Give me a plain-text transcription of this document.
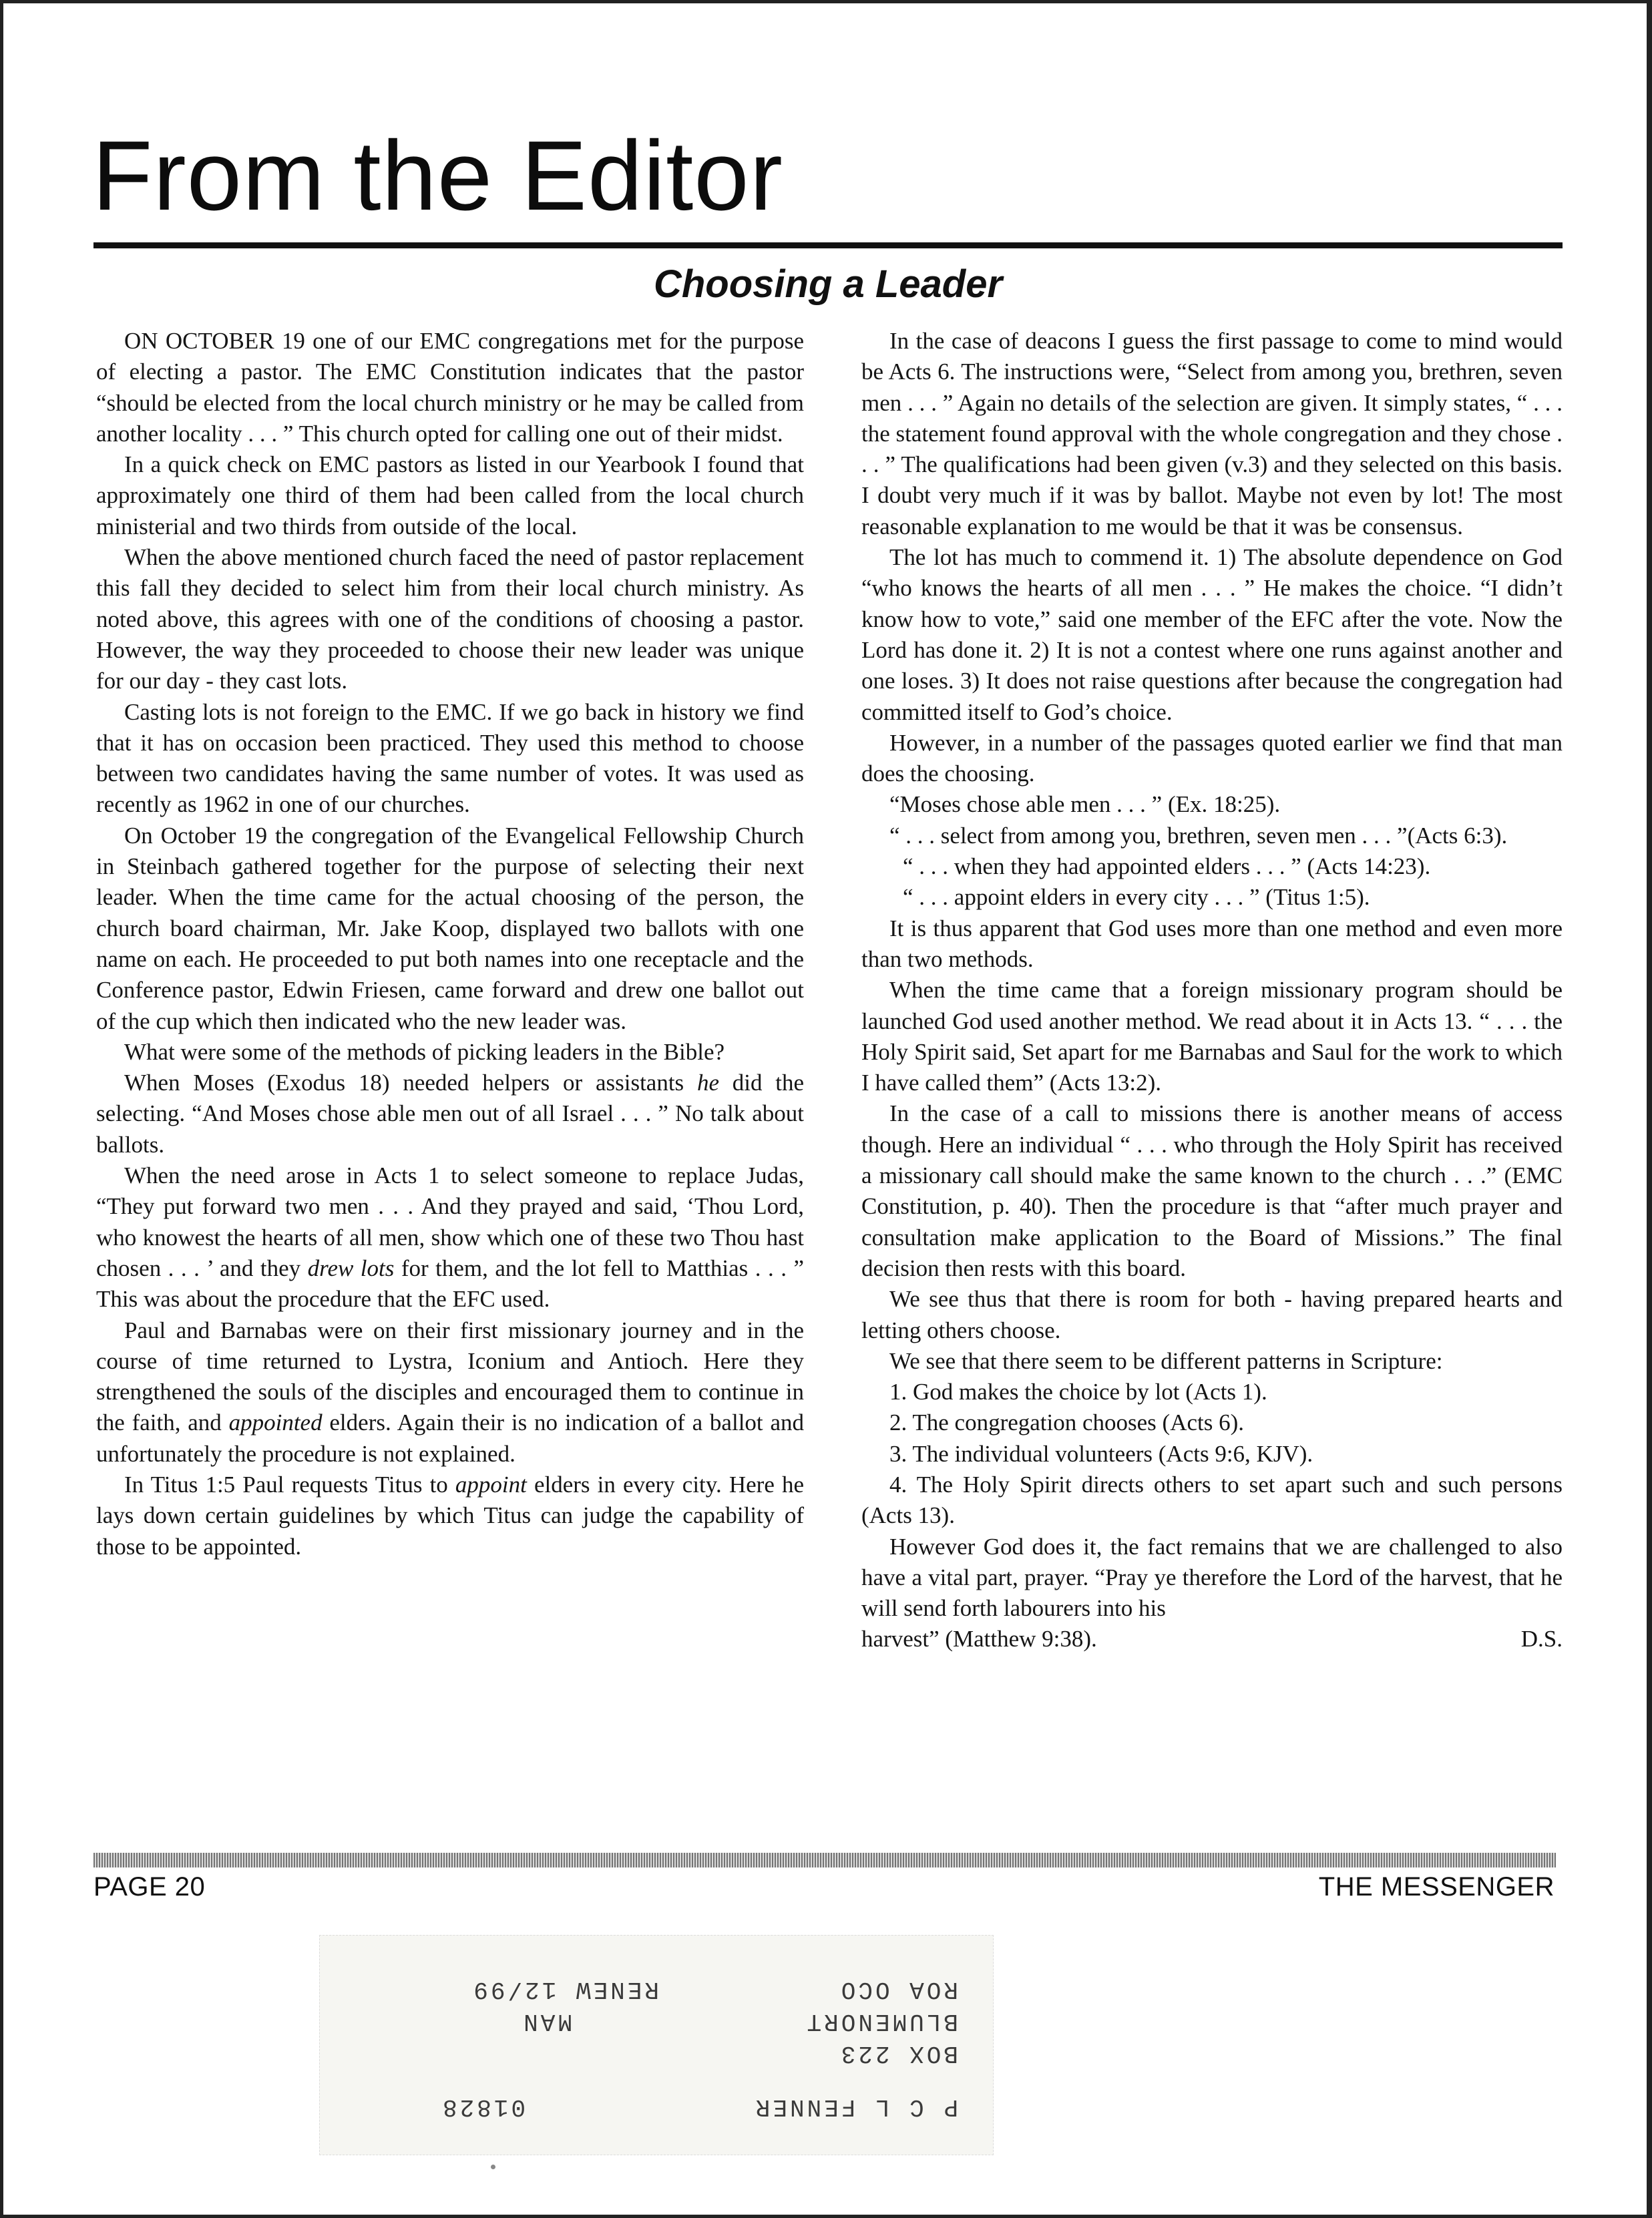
From the Editor
Choosing a Leader

ON OCTOBER 19 one of our EMC congregations met for the purpose of electing a pastor. The EMC Constitution indicates that the pastor “should be elected from the local church ministry or he may be called from another locality . . . ” This church opted for calling one out of their midst.

In a quick check on EMC pastors as listed in our Yearbook I found that approximately one third of them had been called from the local church ministerial and two thirds from outside of the local.

When the above mentioned church faced the need of pastor replacement this fall they decided to select him from their local church ministry. As noted above, this agrees with one of the conditions of choosing a pastor. However, the way they proceeded to choose their new leader was unique for our day - they cast lots.

Casting lots is not foreign to the EMC. If we go back in history we find that it has on occasion been practiced. They used this method to choose between two candidates having the same number of votes. It was used as recently as 1962 in one of our churches.

On October 19 the congregation of the Evangelical Fellowship Church in Steinbach gathered together for the purpose of selecting their next leader. When the time came for the actual choosing of the person, the church board chairman, Mr. Jake Koop, displayed two ballots with one name on each. He proceeded to put both names into one receptacle and the Conference pastor, Edwin Friesen, came forward and drew one ballot out of the cup which then indicated who the new leader was.

What were some of the methods of picking leaders in the Bible?

When Moses (Exodus 18) needed helpers or assistants he did the selecting. “And Moses chose able men out of all Israel . . . ” No talk about ballots.

When the need arose in Acts 1 to select someone to replace Judas, “They put forward two men . . . And they prayed and said, ‘Thou Lord, who knowest the hearts of all men, show which one of these two Thou hast chosen . . . ’ and they drew lots for them, and the lot fell to Matthias . . . ” This was about the procedure that the EFC used.

Paul and Barnabas were on their first missionary journey and in the course of time returned to Lystra, Iconium and Antioch. Here they strengthened the souls of the disciples and encouraged them to continue in the faith, and appointed elders. Again their is no indication of a ballot and unfortunately the procedure is not explained.

In Titus 1:5 Paul requests Titus to appoint elders in every city. Here he lays down certain guidelines by which Titus can judge the capability of those to be appointed.

In the case of deacons I guess the first passage to come to mind would be Acts 6. The instructions were, “Select from among you, brethren, seven men . . . ” Again no details of the selection are given. It simply states, “ . . . the statement found approval with the whole congregation and they chose . . . ” The qualifications had been given (v.3) and they selected on this basis. I doubt very much if it was by ballot. Maybe not even by lot! The most reasonable explanation to me would be that it was be consensus.

The lot has much to commend it. 1) The absolute dependence on God “who knows the hearts of all men . . . ” He makes the choice. “I didn’t know how to vote,” said one member of the EFC after the vote. Now the Lord has done it. 2) It is not a contest where one runs against another and one loses. 3) It does not raise questions after because the congregation had committed itself to God’s choice.

However, in a number of the passages quoted earlier we find that man does the choosing.

“Moses chose able men . . . ” (Ex. 18:25).

“ . . . select from among you, brethren, seven men . . . ”(Acts 6:3).

“ . . . when they had appointed elders . . . ” (Acts 14:23).

“ . . . appoint elders in every city . . . ” (Titus 1:5).

It is thus apparent that God uses more than one method and even more than two methods.

When the time came that a foreign missionary program should be launched God used another method. We read about it in Acts 13. “ . . . the Holy Spirit said, Set apart for me Barnabas and Saul for the work to which I have called them” (Acts 13:2).

In the case of a call to missions there is another means of access though. Here an individual “ . . . who through the Holy Spirit has received a missionary call should make the same known to the church . . .” (EMC Constitution, p. 40). Then the procedure is that “after much prayer and consultation make application to the Board of Missions.” The final decision then rests with this board.

We see thus that there is room for both - having prepared hearts and letting others choose.

We see that there seem to be different patterns in Scripture:

1. God makes the choice by lot (Acts 1).

2. The congregation chooses (Acts 6).

3. The individual volunteers (Acts 9:6, KJV).

4. The Holy Spirit directs others to set apart such and such persons (Acts 13).

However God does it, the fact remains that we are challenged to also have a vital part, prayer. “Pray ye therefore the Lord of the harvest, that he will send forth labourers into his

harvest” (Matthew 9:38).	D.S.
PAGE 20	THE MESSENGER
P C L FENNER
01828
BOX 223
BLUMENORT
MAN
ROA OCO
RENEW 12/99
